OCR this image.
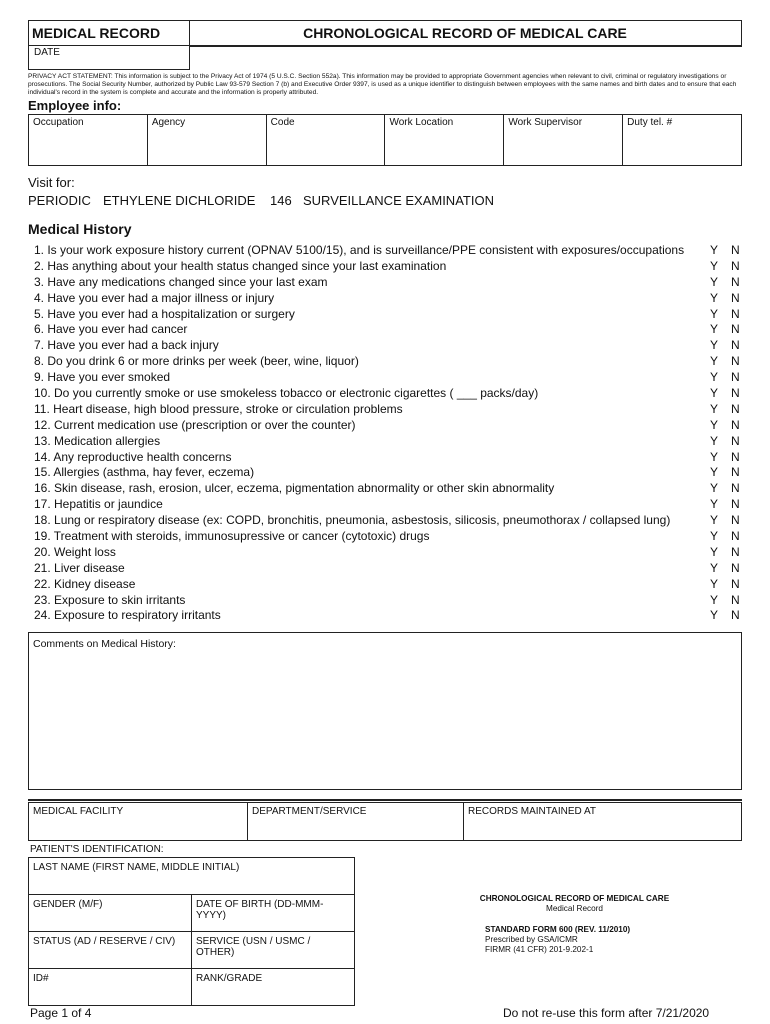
MEDICAL RECORD	CHRONOLOGICAL RECORD OF MEDICAL CARE
DATE
PRIVACY ACT STATEMENT: This information is subject to the Privacy Act of 1974 (5 U.S.C. Section 552a). This information may be provided to appropriate Government agencies when relevant to civil, criminal or regulatory investigations or prosecutions. The Social Security Number, authorized by Public Law 93-579 Section 7 (b) and Executive Order 9397, is used as a unique identifier to distinguish between employees with the same names and birth dates and to ensure that each individual's record in the system is complete and accurate and the information is properly attributed.
Employee info:
Occupation	Agency	Code	Work Location	Work Supervisor	Duty tel. #
Visit for:
PERIODIC ETHYLENE DICHLORIDE 146 SURVEILLANCE EXAMINATION
Medical History
1. Is your work exposure history current (OPNAV 5100/15), and is surveillance/PPE consistent with exposures/occupations Y N
2. Has anything about your health status changed since your last examination	Y N
3. Have any medications changed since your last exam	Y N
4. Have you ever had a major illness or injury	Y N
5. Have you ever had a hospitalization or surgery	Y N
6. Have you ever had cancer	Y N
7. Have you ever had a back injury	Y N
8. Do you drink 6 or more drinks per week (beer, wine, liquor)	Y N
9. Have you ever smoked	Y N
10. Do you currently smoke or use smokeless tobacco or electronic cigarettes ( ___ packs/day)	Y N
11. Heart disease, high blood pressure, stroke or circulation problems	Y N
12. Current medication use (prescription or over the counter)	Y N
13. Medication allergies	Y N
14. Any reproductive health concerns	Y N
15. Allergies (asthma, hay fever, eczema)	Y N
16. Skin disease, rash, erosion, ulcer, eczema, pigmentation abnormality or other skin abnormality	Y N
17. Hepatitis or jaundice	Y N
18. Lung or respiratory disease (ex: COPD, bronchitis, pneumonia, asbestosis, silicosis, pneumothorax / collapsed lung)	Y N
19. Treatment with steroids, immunosupressive or cancer (cytotoxic) drugs	Y N
20. Weight loss	Y N
21. Liver disease	Y N
22. Kidney disease	Y N
23. Exposure to skin irritants	Y N
24. Exposure to respiratory irritants	Y N
Comments on Medical History:
MEDICAL FACILITY	DEPARTMENT/SERVICE	RECORDS MAINTAINED AT
PATIENT'S IDENTIFICATION:
LAST NAME (FIRST NAME, MIDDLE INITIAL)	
GENDER (M/F)	DATE OF BIRTH (DD-MMM-YYYY)
STATUS (AD / RESERVE / CIV)	SERVICE (USN / USMC / OTHER)
ID#	RANK/GRADE
CHRONOLOGICAL RECORD OF MEDICAL CARE
Medical Record
STANDARD FORM 600 (REV. 11/2010)
Prescribed by GSA/ICMR
FIRMR (41 CFR) 201-9.202-1
Page 1 of 4	Do not re-use this form after 7/21/2020
